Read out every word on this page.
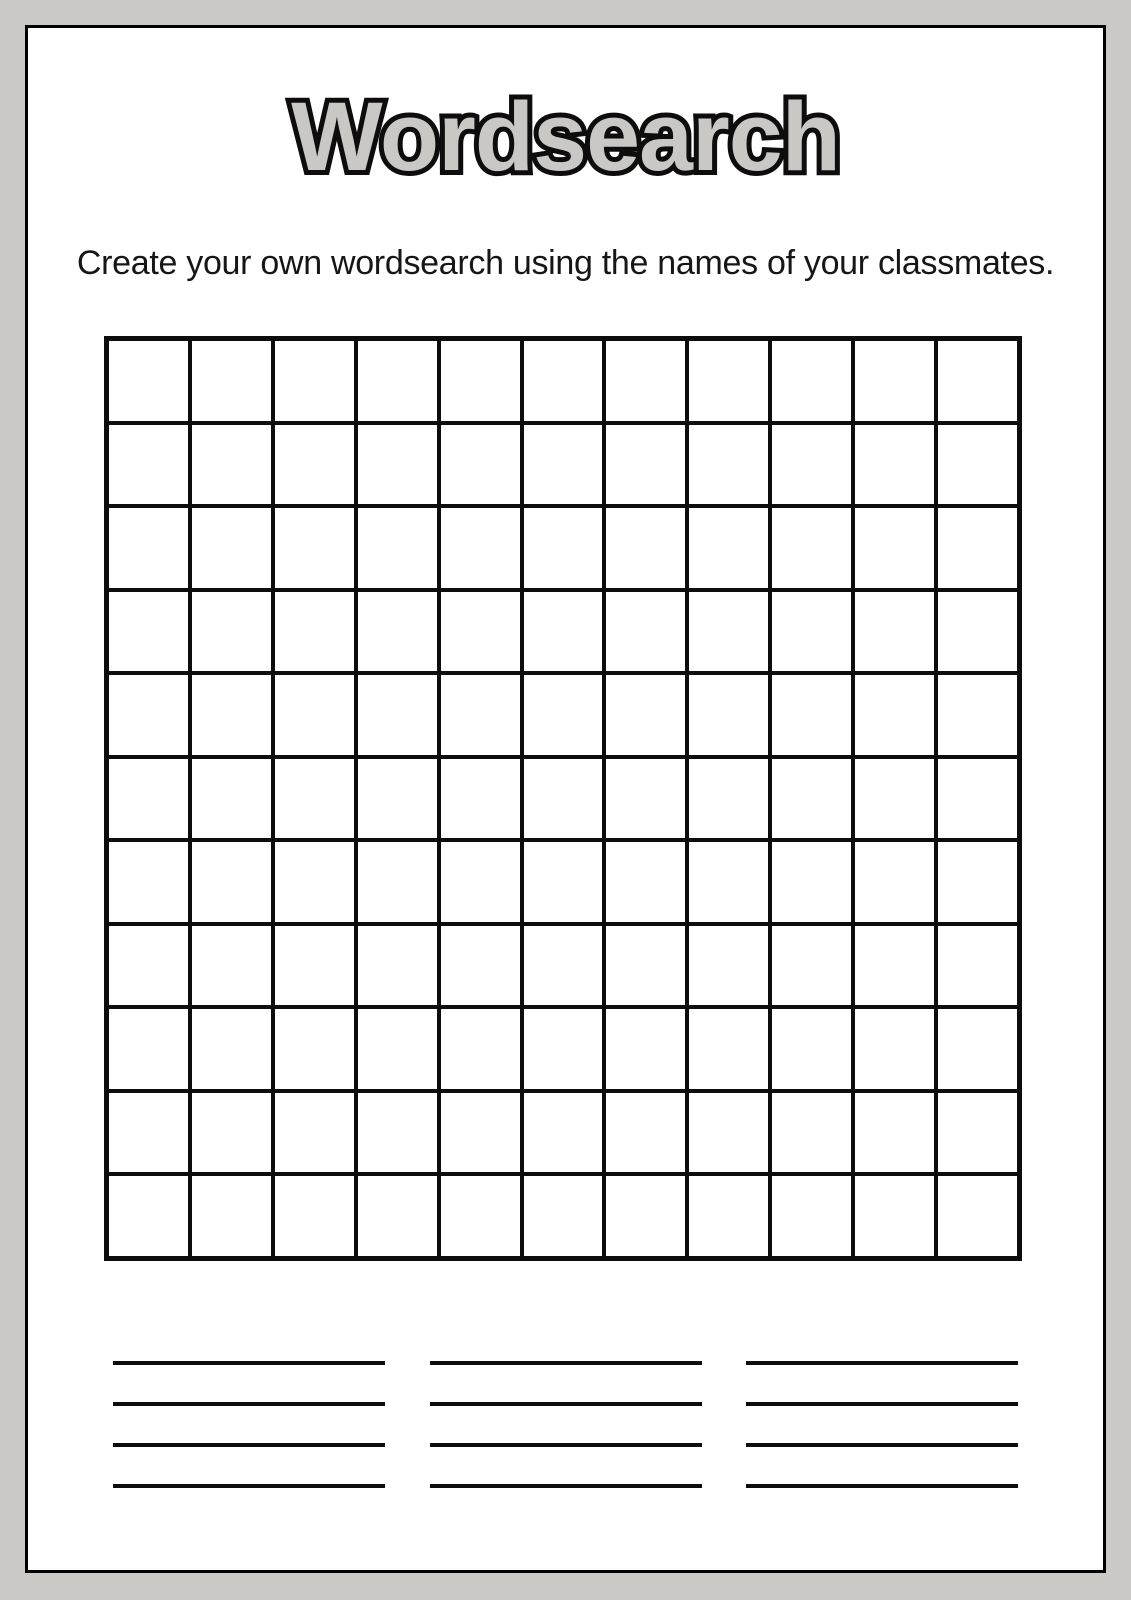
Wordsearch Wordsearch

Create your own wordsearch using the names of your classmates.
